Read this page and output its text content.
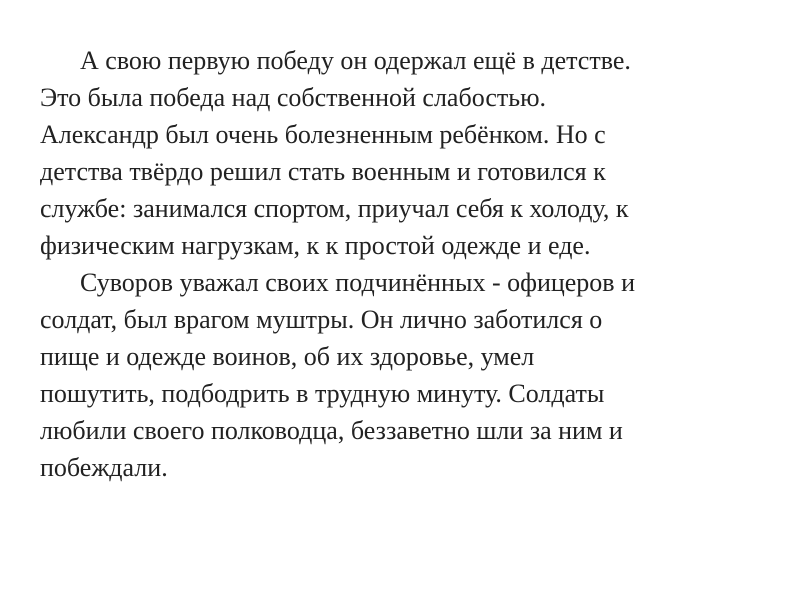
А свою первую победу он одержал ещё в детстве.
Это была победа над собственной слабостью.
Александр был очень болезненным ребёнком. Но с
детства твёрдо решил стать военным и готовился к
службе: занимался спортом, приучал себя к холоду, к
физическим нагрузкам, к к простой одежде и еде.
Суворов уважал своих подчинённых - офицеров и
солдат, был врагом муштры. Он лично заботился о
пище и одежде воинов, об их здоровье, умел
пошутить, подбодрить в трудную минуту. Солдаты
любили своего полководца, беззаветно шли за ним и
побеждали.
